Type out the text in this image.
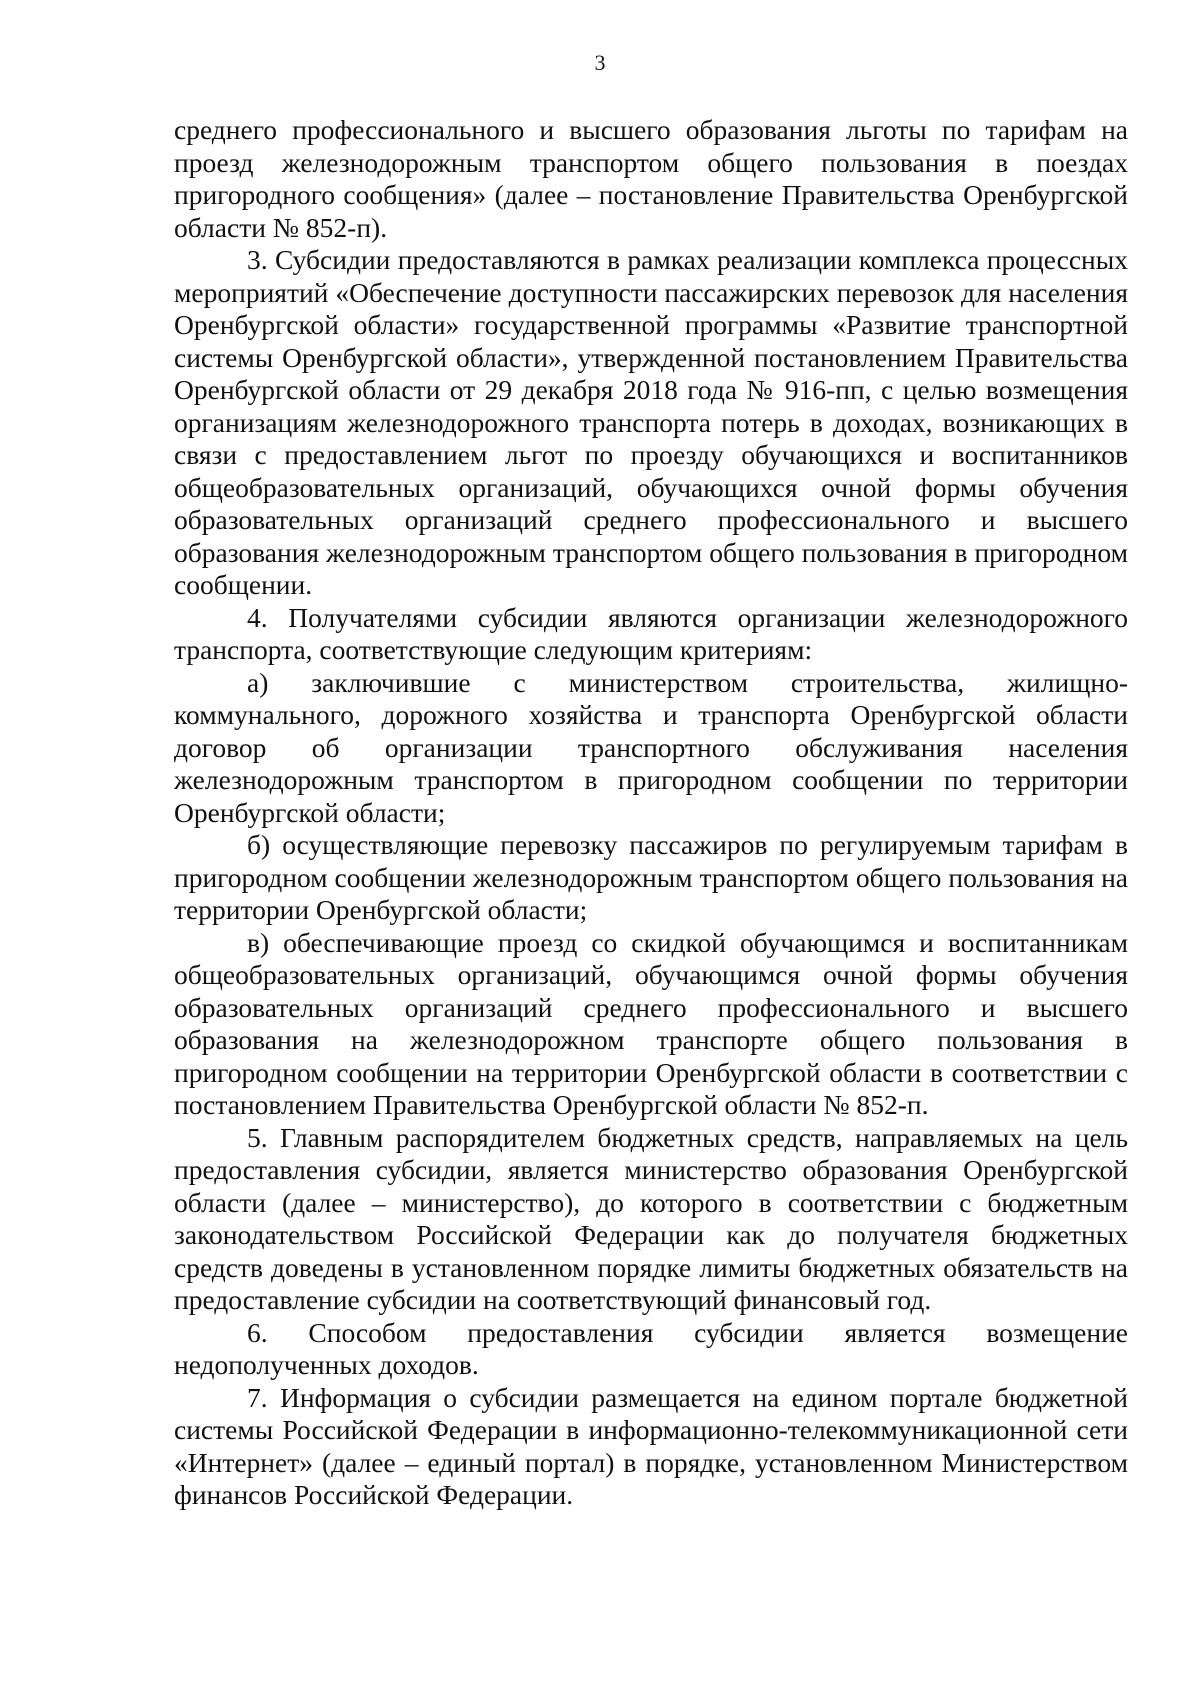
3

среднего профессионального и высшего образования льготы по тарифам на проезд железнодорожным транспортом общего пользования в поездах пригородного сообщения» (далее – постановление Правительства Оренбургской области № 852-п).

3. Субсидии предоставляются в рамках реализации комплекса процессных мероприятий «Обеспечение доступности пассажирских перевозок для населения Оренбургской области» государственной программы «Развитие транспортной системы Оренбургской области», утвержденной постановлением Правительства Оренбургской области от 29 декабря 2018 года № 916-пп, с целью возмещения организациям железнодорожного транспорта потерь в доходах, возникающих в связи с предоставлением льгот по проезду обучающихся и воспитанников общеобразовательных организаций, обучающихся очной формы обучения образовательных организаций среднего профессионального и высшего образования железнодорожным транспортом общего пользования в пригородном сообщении.

4. Получателями субсидии являются организации железнодорожного транспорта, соответствующие следующим критериям:

а) заключившие с министерством строительства, жилищно-коммунального, дорожного хозяйства и транспорта Оренбургской области договор об организации транспортного обслуживания населения железнодорожным транспортом в пригородном сообщении по территории Оренбургской области;

б) осуществляющие перевозку пассажиров по регулируемым тарифам в пригородном сообщении железнодорожным транспортом общего пользования на территории Оренбургской области;

в) обеспечивающие проезд со скидкой обучающимся и воспитанникам общеобразовательных организаций, обучающимся очной формы обучения образовательных организаций среднего профессионального и высшего образования на железнодорожном транспорте общего пользования в пригородном сообщении на территории Оренбургской области в соответствии с постановлением Правительства Оренбургской области № 852-п.

5. Главным распорядителем бюджетных средств, направляемых на цель предоставления субсидии, является министерство образования Оренбургской области (далее – министерство), до которого в соответствии с бюджетным законодательством Российской Федерации как до получателя бюджетных средств доведены в установленном порядке лимиты бюджетных обязательств на предоставление субсидии на соответствующий финансовый год.

6. Способом предоставления субсидии является возмещение недополученных доходов.

7. Информация о субсидии размещается на едином портале бюджетной системы Российской Федерации в информационно-телекоммуникационной сети «Интернет» (далее – единый портал) в порядке, установленном Министерством финансов Российской Федерации.
